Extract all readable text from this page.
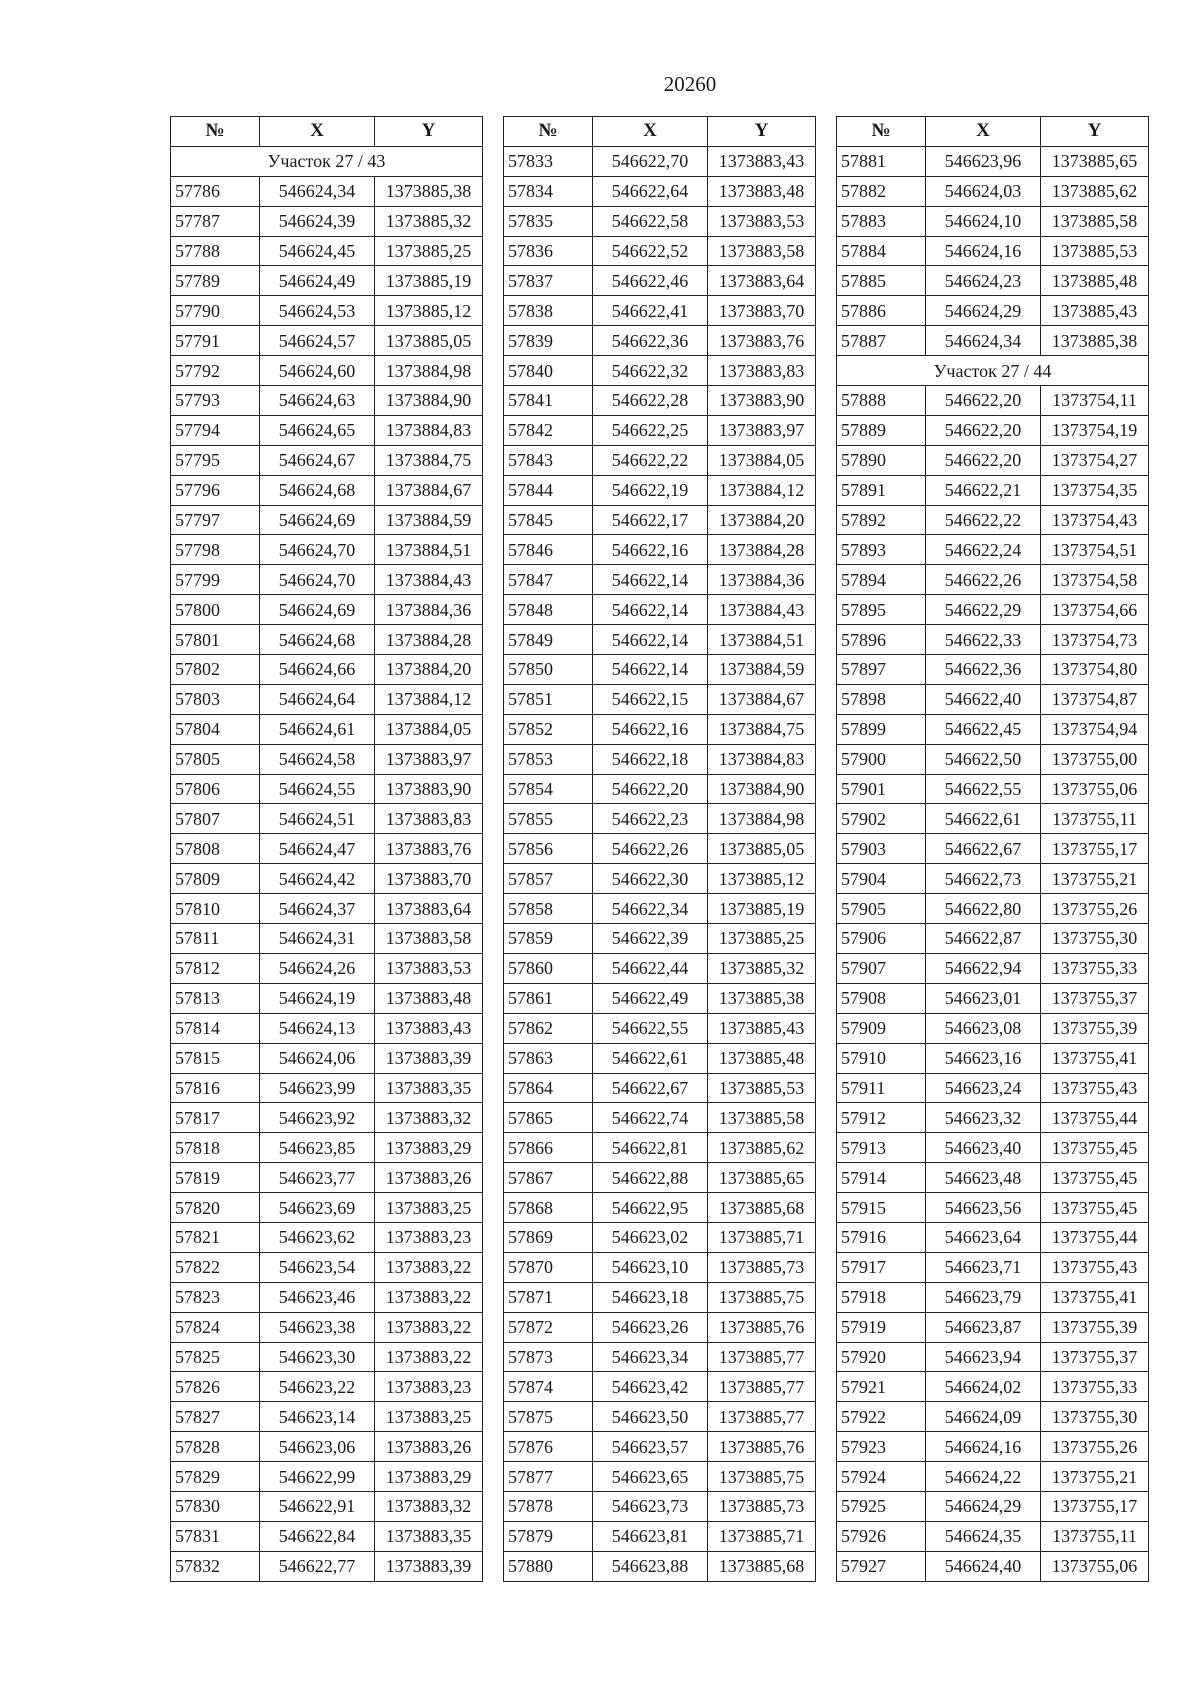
20260
№	X	Y
Участок 27 / 43		
57786	546624,34	1373885,38
57787	546624,39	1373885,32
57788	546624,45	1373885,25
57789	546624,49	1373885,19
57790	546624,53	1373885,12
57791	546624,57	1373885,05
57792	546624,60	1373884,98
57793	546624,63	1373884,90
57794	546624,65	1373884,83
57795	546624,67	1373884,75
57796	546624,68	1373884,67
57797	546624,69	1373884,59
57798	546624,70	1373884,51
57799	546624,70	1373884,43
57800	546624,69	1373884,36
57801	546624,68	1373884,28
57802	546624,66	1373884,20
57803	546624,64	1373884,12
57804	546624,61	1373884,05
57805	546624,58	1373883,97
57806	546624,55	1373883,90
57807	546624,51	1373883,83
57808	546624,47	1373883,76
57809	546624,42	1373883,70
57810	546624,37	1373883,64
57811	546624,31	1373883,58
57812	546624,26	1373883,53
57813	546624,19	1373883,48
57814	546624,13	1373883,43
57815	546624,06	1373883,39
57816	546623,99	1373883,35
57817	546623,92	1373883,32
57818	546623,85	1373883,29
57819	546623,77	1373883,26
57820	546623,69	1373883,25
57821	546623,62	1373883,23
57822	546623,54	1373883,22
57823	546623,46	1373883,22
57824	546623,38	1373883,22
57825	546623,30	1373883,22
57826	546623,22	1373883,23
57827	546623,14	1373883,25
57828	546623,06	1373883,26
57829	546622,99	1373883,29
57830	546622,91	1373883,32
57831	546622,84	1373883,35
57832	546622,77	1373883,39
№	X	Y
57833	546622,70	1373883,43
57834	546622,64	1373883,48
57835	546622,58	1373883,53
57836	546622,52	1373883,58
57837	546622,46	1373883,64
57838	546622,41	1373883,70
57839	546622,36	1373883,76
57840	546622,32	1373883,83
57841	546622,28	1373883,90
57842	546622,25	1373883,97
57843	546622,22	1373884,05
57844	546622,19	1373884,12
57845	546622,17	1373884,20
57846	546622,16	1373884,28
57847	546622,14	1373884,36
57848	546622,14	1373884,43
57849	546622,14	1373884,51
57850	546622,14	1373884,59
57851	546622,15	1373884,67
57852	546622,16	1373884,75
57853	546622,18	1373884,83
57854	546622,20	1373884,90
57855	546622,23	1373884,98
57856	546622,26	1373885,05
57857	546622,30	1373885,12
57858	546622,34	1373885,19
57859	546622,39	1373885,25
57860	546622,44	1373885,32
57861	546622,49	1373885,38
57862	546622,55	1373885,43
57863	546622,61	1373885,48
57864	546622,67	1373885,53
57865	546622,74	1373885,58
57866	546622,81	1373885,62
57867	546622,88	1373885,65
57868	546622,95	1373885,68
57869	546623,02	1373885,71
57870	546623,10	1373885,73
57871	546623,18	1373885,75
57872	546623,26	1373885,76
57873	546623,34	1373885,77
57874	546623,42	1373885,77
57875	546623,50	1373885,77
57876	546623,57	1373885,76
57877	546623,65	1373885,75
57878	546623,73	1373885,73
57879	546623,81	1373885,71
57880	546623,88	1373885,68
№	X	Y
57881	546623,96	1373885,65
57882	546624,03	1373885,62
57883	546624,10	1373885,58
57884	546624,16	1373885,53
57885	546624,23	1373885,48
57886	546624,29	1373885,43
57887	546624,34	1373885,38
Участок 27 / 44		
57888	546622,20	1373754,11
57889	546622,20	1373754,19
57890	546622,20	1373754,27
57891	546622,21	1373754,35
57892	546622,22	1373754,43
57893	546622,24	1373754,51
57894	546622,26	1373754,58
57895	546622,29	1373754,66
57896	546622,33	1373754,73
57897	546622,36	1373754,80
57898	546622,40	1373754,87
57899	546622,45	1373754,94
57900	546622,50	1373755,00
57901	546622,55	1373755,06
57902	546622,61	1373755,11
57903	546622,67	1373755,17
57904	546622,73	1373755,21
57905	546622,80	1373755,26
57906	546622,87	1373755,30
57907	546622,94	1373755,33
57908	546623,01	1373755,37
57909	546623,08	1373755,39
57910	546623,16	1373755,41
57911	546623,24	1373755,43
57912	546623,32	1373755,44
57913	546623,40	1373755,45
57914	546623,48	1373755,45
57915	546623,56	1373755,45
57916	546623,64	1373755,44
57917	546623,71	1373755,43
57918	546623,79	1373755,41
57919	546623,87	1373755,39
57920	546623,94	1373755,37
57921	546624,02	1373755,33
57922	546624,09	1373755,30
57923	546624,16	1373755,26
57924	546624,22	1373755,21
57925	546624,29	1373755,17
57926	546624,35	1373755,11
57927	546624,40	1373755,06
